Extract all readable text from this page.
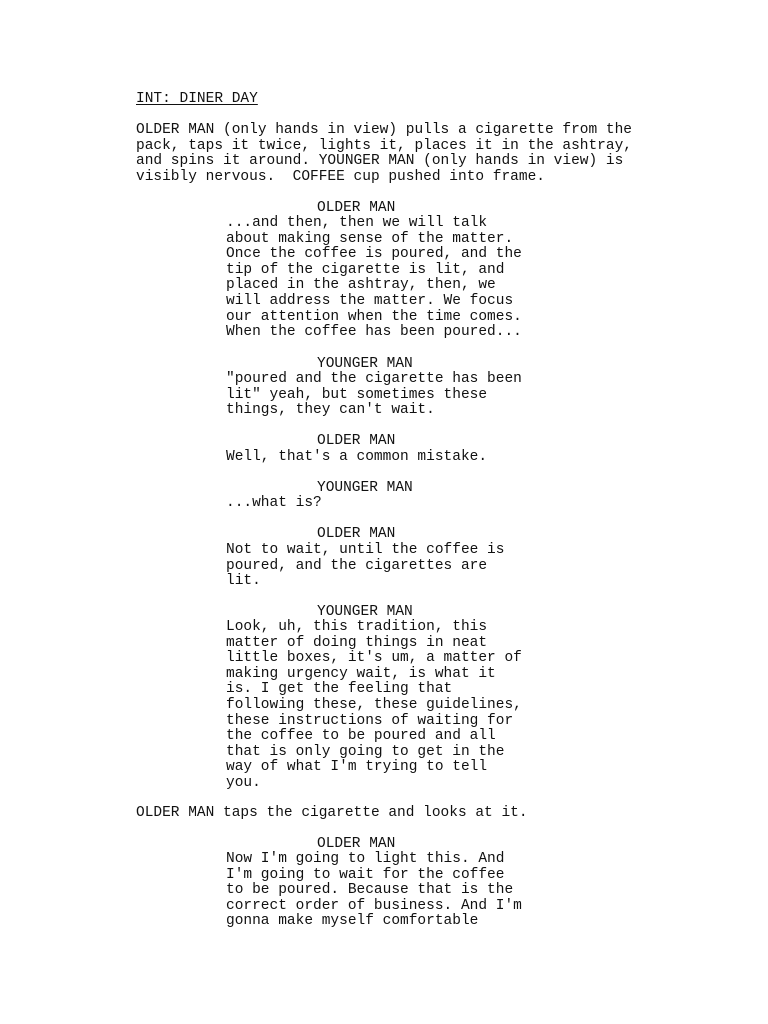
INT: DINER DAY
OLDER MAN (only hands in view) pulls a cigarette from the
pack, taps it twice, lights it, places it in the ashtray,
and spins it around. YOUNGER MAN (only hands in view) is
visibly nervous.  COFFEE cup pushed into frame.
OLDER MAN
...and then, then we will talk
about making sense of the matter.
Once the coffee is poured, and the
tip of the cigarette is lit, and
placed in the ashtray, then, we
will address the matter. We focus
our attention when the time comes.
When the coffee has been poured...
YOUNGER MAN
"poured and the cigarette has been
lit" yeah, but sometimes these
things, they can't wait.
OLDER MAN
Well, that's a common mistake.
YOUNGER MAN
...what is?
OLDER MAN
Not to wait, until the coffee is
poured, and the cigarettes are
lit.
YOUNGER MAN
Look, uh, this tradition, this
matter of doing things in neat
little boxes, it's um, a matter of
making urgency wait, is what it
is. I get the feeling that
following these, these guidelines,
these instructions of waiting for
the coffee to be poured and all
that is only going to get in the
way of what I'm trying to tell
you.
OLDER MAN taps the cigarette and looks at it.
OLDER MAN
Now I'm going to light this. And
I'm going to wait for the coffee
to be poured. Because that is the
correct order of business. And I'm
gonna make myself comfortable
